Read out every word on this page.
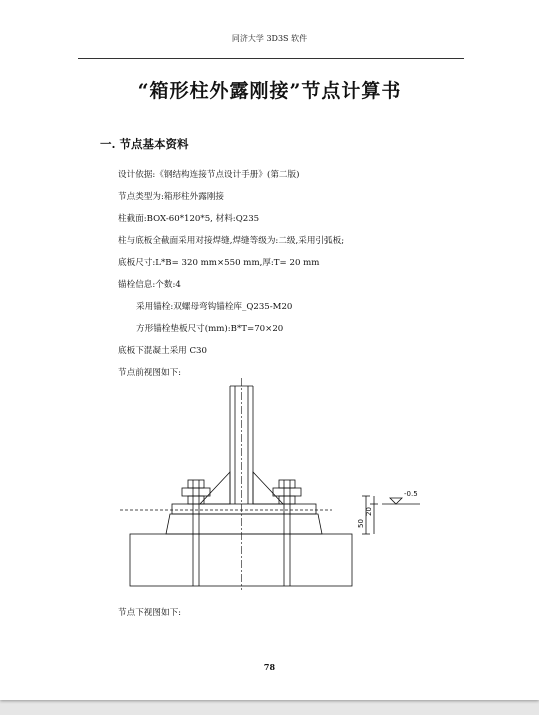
同济大学 3D3S 软件
“箱形柱外露刚接”节点计算书
一. 节点基本资料
设计依据:《钢结构连接节点设计手册》(第二版)
节点类型为:箱形柱外露刚接
柱截面:BOX-60*120*5, 材料:Q235
柱与底板全截面采用对接焊缝,焊缝等级为:二级,采用引弧板;
底板尺寸:L*B= 320 mm×550 mm,厚:T= 20 mm
锚栓信息:个数:4
采用锚栓:双螺母弯钩锚栓库_Q235-M20
方形锚栓垫板尺寸(mm):B*T=70×20
底板下混凝土采用 C30
节点前视图如下:
50
20
-0.5
节点下视图如下:
78
